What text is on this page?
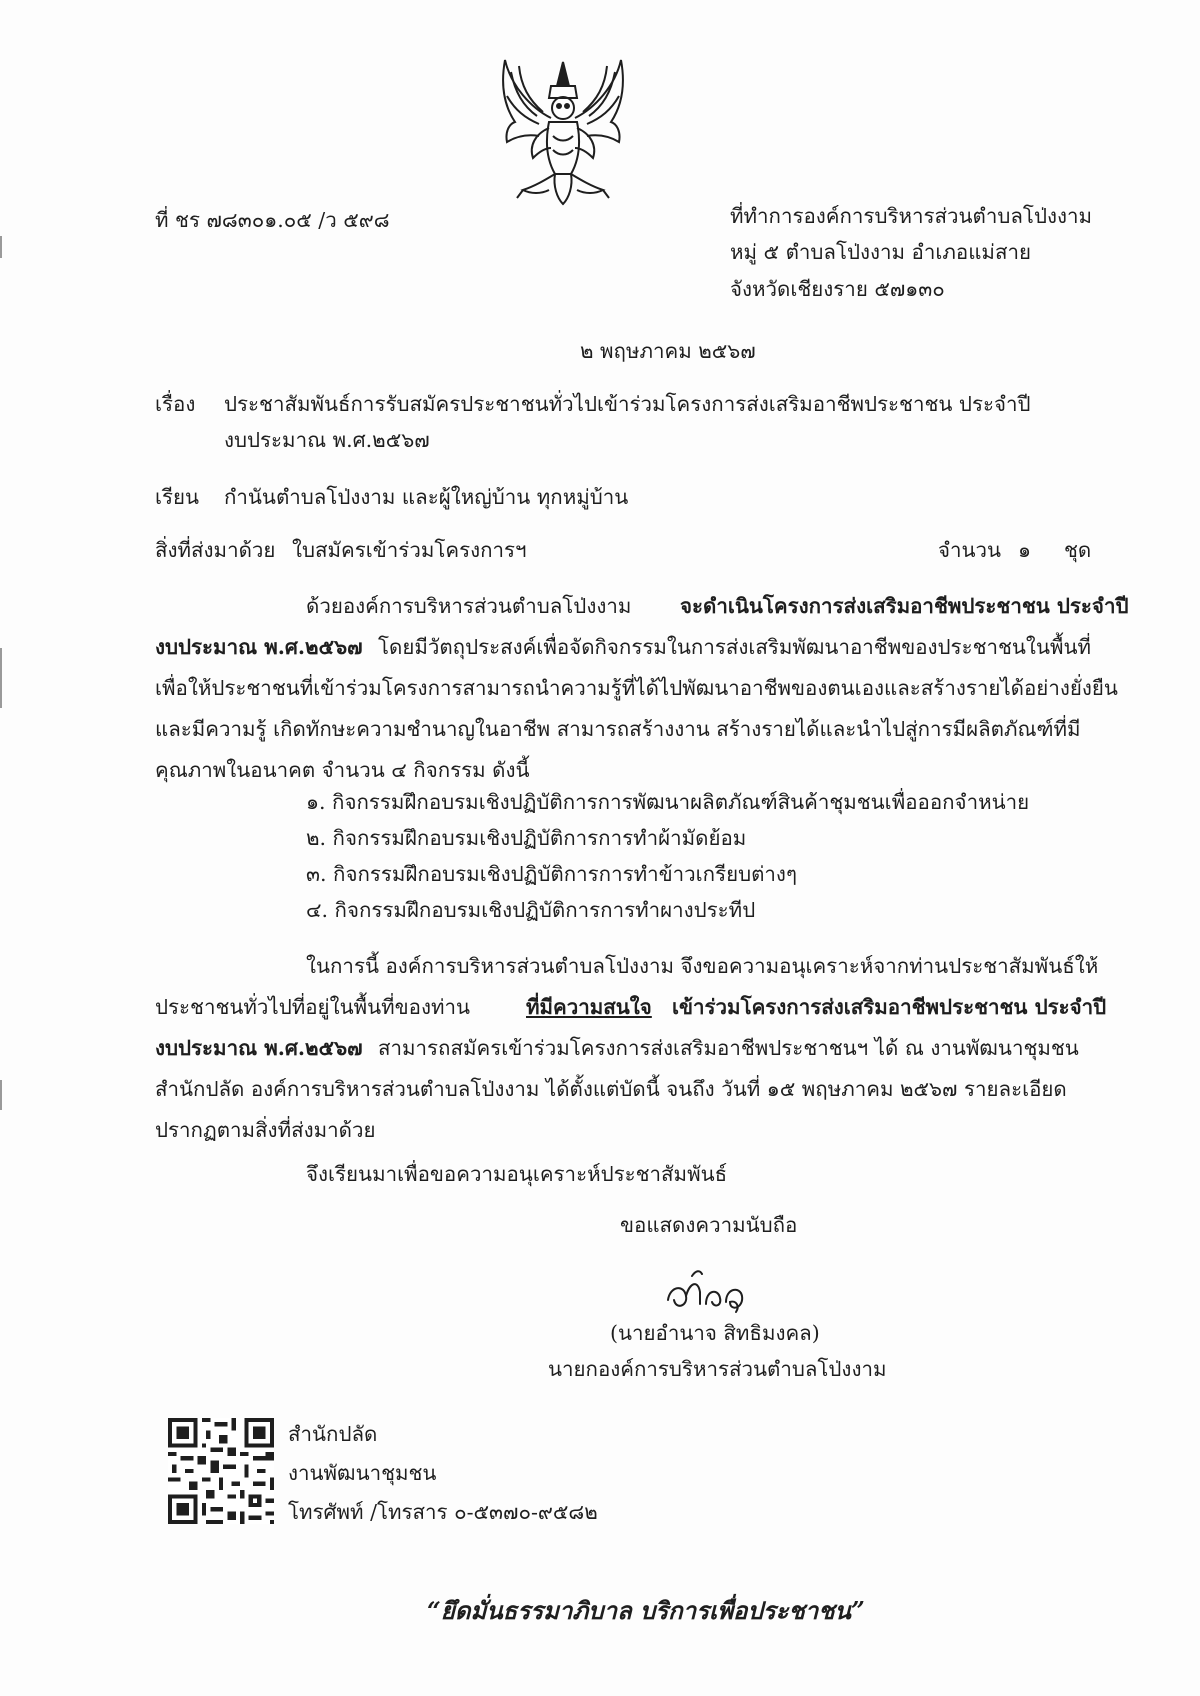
ที่ ชร ๗๘๓๐๑.๐๕ /ว ๕๙๘	ที่ทำการองค์การบริหารส่วนตำบลโป่งงาม
หมู่ ๕ ตำบลโป่งงาม อำเภอแม่สาย
จังหวัดเชียงราย ๕๗๑๓๐
๒ พฤษภาคม ๒๕๖๗
เรื่อง ประชาสัมพันธ์การรับสมัครประชาชนทั่วไปเข้าร่วมโครงการส่งเสริมอาชีพประชาชน ประจำปี
งบประมาณ พ.ศ.๒๕๖๗
เรียน กำนันตำบลโป่งงาม และผู้ใหญ่บ้าน ทุกหมู่บ้าน
สิ่งที่ส่งมาด้วย ใบสมัครเข้าร่วมโครงการฯ	จำนวน ๑ ชุด
ด้วยองค์การบริหารส่วนตำบลโป่งงาม จะดำเนินโครงการส่งเสริมอาชีพประชาชน ประจำปี
งบประมาณ พ.ศ.๒๕๖๗ โดยมีวัตถุประสงค์เพื่อจัดกิจกรรมในการส่งเสริมพัฒนาอาชีพของประชาชนในพื้นที่
เพื่อให้ประชาชนที่เข้าร่วมโครงการสามารถนำความรู้ที่ได้ไปพัฒนาอาชีพของตนเองและสร้างรายได้อย่างยั่งยืน
และมีความรู้ เกิดทักษะความชำนาญในอาชีพ สามารถสร้างงาน สร้างรายได้และนำไปสู่การมีผลิตภัณฑ์ที่มี
คุณภาพในอนาคต จำนวน ๔ กิจกรรม ดังนี้
๑. กิจกรรมฝึกอบรมเชิงปฏิบัติการการพัฒนาผลิตภัณฑ์สินค้าชุมชนเพื่อออกจำหน่าย
๒. กิจกรรมฝึกอบรมเชิงปฏิบัติการการทำผ้ามัดย้อม
๓. กิจกรรมฝึกอบรมเชิงปฏิบัติการการทำข้าวเกรียบต่างๆ
๔. กิจกรรมฝึกอบรมเชิงปฏิบัติการการทำผางประทีป
ในการนี้ องค์การบริหารส่วนตำบลโป่งงาม จึงขอความอนุเคราะห์จากท่านประชาสัมพันธ์ให้
ประชาชนทั่วไปที่อยู่ในพื้นที่ของท่าน	ที่มีความสนใจ เข้าร่วมโครงการส่งเสริมอาชีพประชาชน ประจำปี
งบประมาณ พ.ศ.๒๕๖๗ สามารถสมัครเข้าร่วมโครงการส่งเสริมอาชีพประชาชนฯ ได้ ณ งานพัฒนาชุมชน
สำนักปลัด องค์การบริหารส่วนตำบลโป่งงาม ได้ตั้งแต่บัดนี้ จนถึง วันที่ ๑๕ พฤษภาคม ๒๕๖๗ รายละเอียด
ปรากฏตามสิ่งที่ส่งมาด้วย
จึงเรียนมาเพื่อขอความอนุเคราะห์ประชาสัมพันธ์
ขอแสดงความนับถือ
(นายอำนาจ สิทธิมงคล)
นายกองค์การบริหารส่วนตำบลโป่งงาม
สำนักปลัด
งานพัฒนาชุมชน
โทรศัพท์ /โทรสาร ๐-๕๓๗๐-๙๕๘๒
“ยึดมั่นธรรมาภิบาล บริการเพื่อประชาชน”
